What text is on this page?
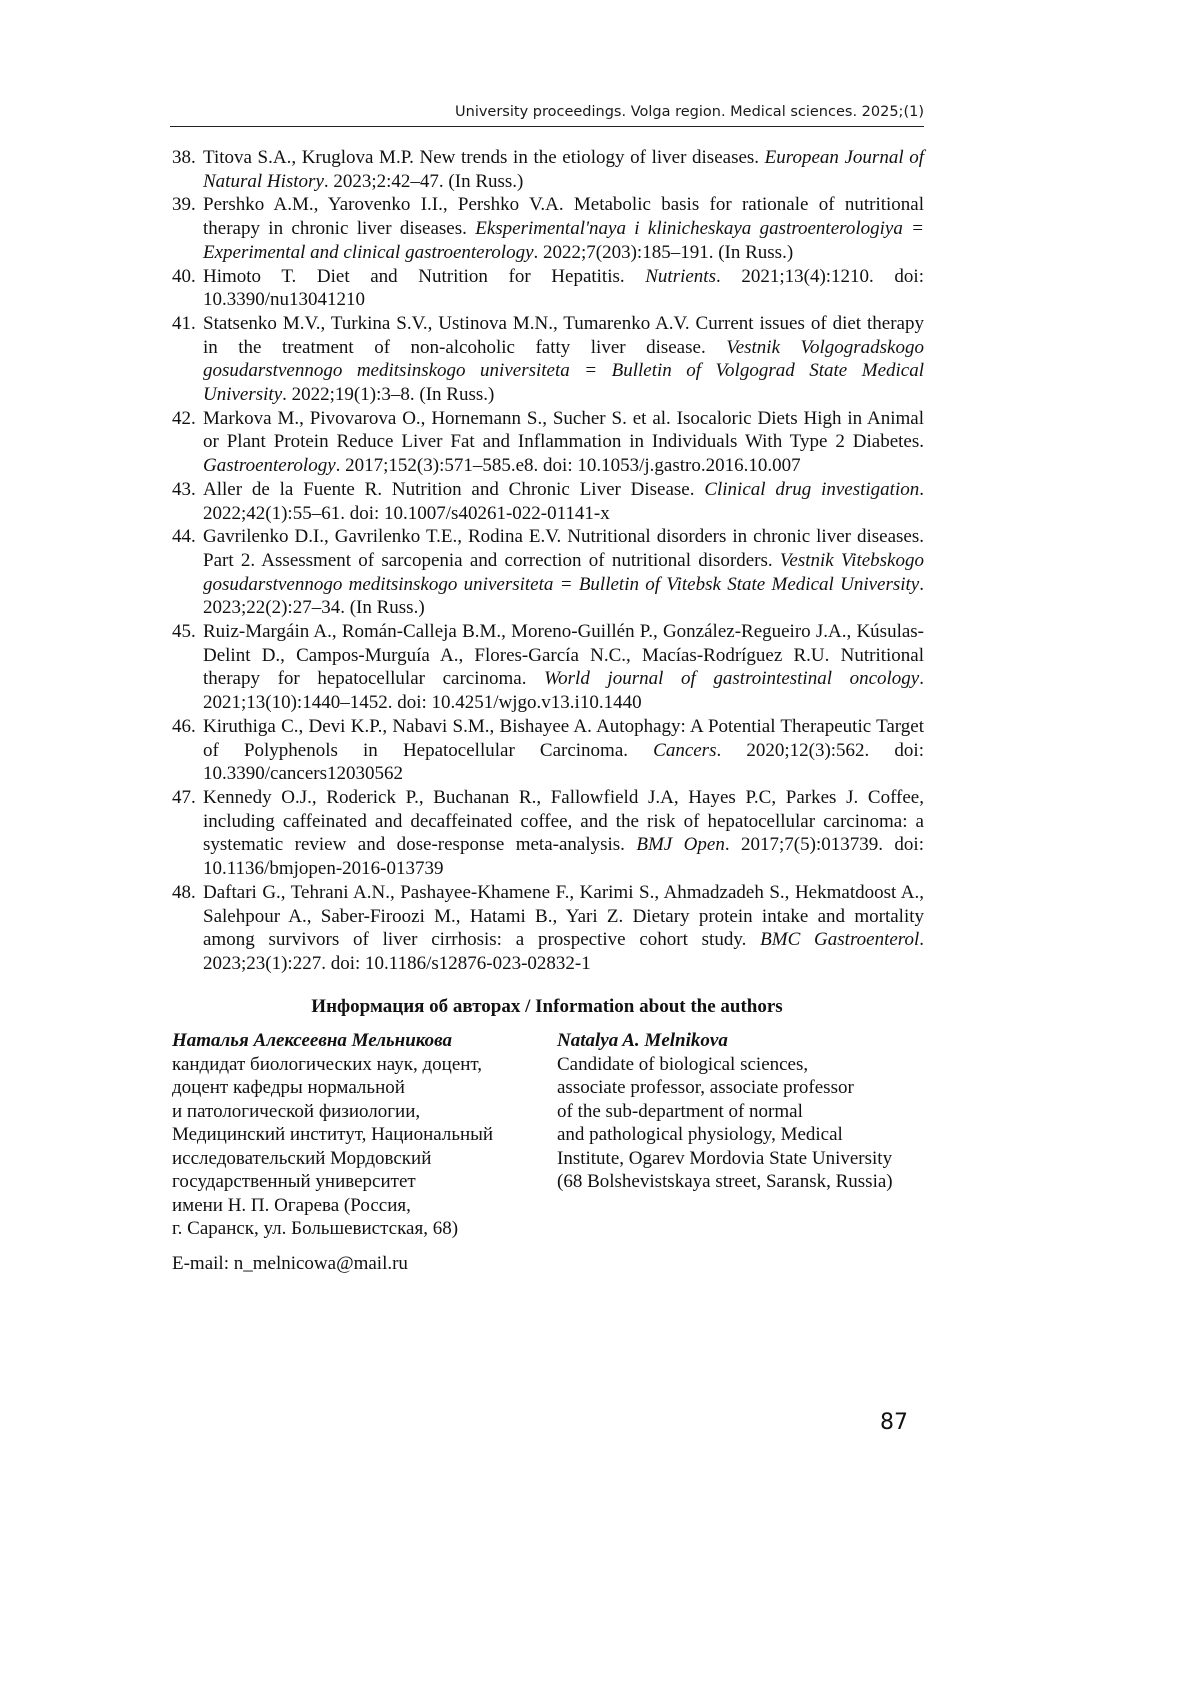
University proceedings. Volga region. Medical sciences. 2025;(1)
38. Titova S.A., Kruglova M.P. New trends in the etiology of liver diseases. European Journal of Natural History. 2023;2:42–47. (In Russ.)
39. Pershko A.M., Yarovenko I.I., Pershko V.A. Metabolic basis for rationale of nutritional therapy in chronic liver diseases. Eksperimental'naya i klinicheskaya gastroenterologiya = Experimental and clinical gastroenterology. 2022;7(203):185–191. (In Russ.)
40. Himoto T. Diet and Nutrition for Hepatitis. Nutrients. 2021;13(4):1210. doi: 10.3390/nu13041210
41. Statsenko M.V., Turkina S.V., Ustinova M.N., Tumarenko A.V. Current issues of diet therapy in the treatment of non-alcoholic fatty liver disease. Vestnik Volgogradskogo gosudarstvennogo meditsinskogo universiteta = Bulletin of Volgograd State Medical University. 2022;19(1):3–8. (In Russ.)
42. Markova M., Pivovarova O., Hornemann S., Sucher S. et al. Isocaloric Diets High in Animal or Plant Protein Reduce Liver Fat and Inflammation in Individuals With Type 2 Diabetes. Gastroenterology. 2017;152(3):571–585.e8. doi: 10.1053/j.gastro.2016.10.007
43. Aller de la Fuente R. Nutrition and Chronic Liver Disease. Clinical drug investigation. 2022;42(1):55–61. doi: 10.1007/s40261-022-01141-x
44. Gavrilenko D.I., Gavrilenko T.E., Rodina E.V. Nutritional disorders in chronic liver diseases. Part 2. Assessment of sarcopenia and correction of nutritional disorders. Vestnik Vitebskogo gosudarstvennogo meditsinskogo universiteta = Bulletin of Vitebsk State Medical University. 2023;22(2):27–34. (In Russ.)
45. Ruiz-Margáin A., Román-Calleja B.M., Moreno-Guillén P., González-Regueiro J.A., Kúsulas-Delint D., Campos-Murguía A., Flores-García N.C., Macías-Rodríguez R.U. Nutritional therapy for hepatocellular carcinoma. World journal of gastrointestinal oncology. 2021;13(10):1440–1452. doi: 10.4251/wjgo.v13.i10.1440
46. Kiruthiga C., Devi K.P., Nabavi S.M., Bishayee A. Autophagy: A Potential Therapeutic Target of Polyphenols in Hepatocellular Carcinoma. Cancers. 2020;12(3):562. doi: 10.3390/cancers12030562
47. Kennedy O.J., Roderick P., Buchanan R., Fallowfield J.A, Hayes P.C, Parkes J. Coffee, including caffeinated and decaffeinated coffee, and the risk of hepatocellular carcinoma: a systematic review and dose-response meta-analysis. BMJ Open. 2017;7(5):013739. doi: 10.1136/bmjopen-2016-013739
48. Daftari G., Tehrani A.N., Pashayee-Khamene F., Karimi S., Ahmadzadeh S., Hekmatdoost A., Salehpour A., Saber-Firoozi M., Hatami B., Yari Z. Dietary protein intake and mortality among survivors of liver cirrhosis: a prospective cohort study. BMC Gastroenterol. 2023;23(1):227. doi: 10.1186/s12876-023-02832-1
Информация об авторах / Information about the authors
Наталья Алексеевна Мельникова
кандидат биологических наук, доцент,
доцент кафедры нормальной
и патологической физиологии,
Медицинский институт, Национальный
исследовательский Мордовский
государственный университет
имени Н. П. Огарева (Россия,
г. Саранск, ул. Большевистская, 68)
Natalya A. Melnikova
Candidate of biological sciences,
associate professor, associate professor
of the sub-department of normal
and pathological physiology, Medical
Institute, Ogarev Mordovia State University
(68 Bolshevistskaya street, Saransk, Russia)
E-mail: n_melnicowa@mail.ru
87
